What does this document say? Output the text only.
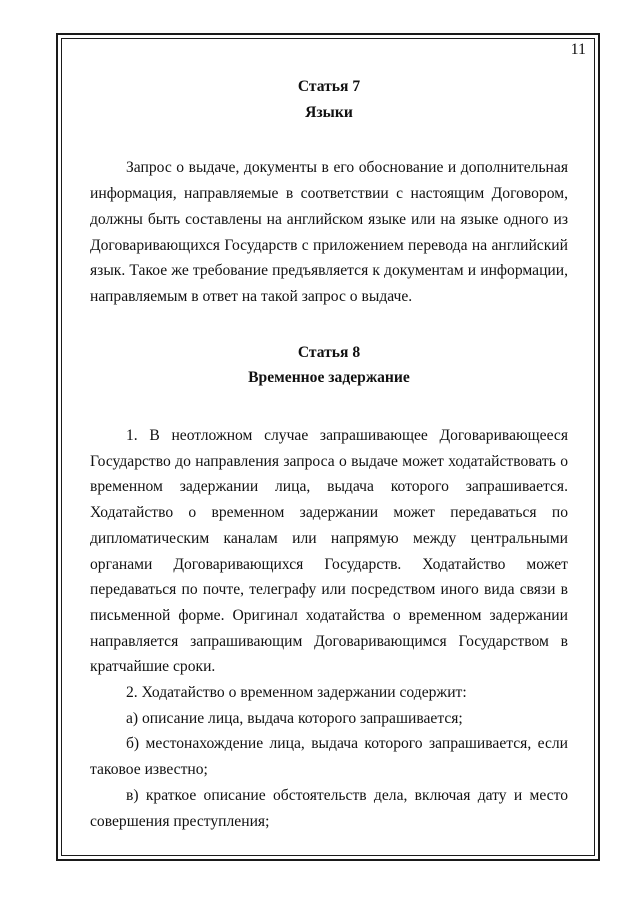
11

Статья 7

Языки

Запрос о выдаче, документы в его обоснование и дополнительная информация, направляемые в соответствии с настоящим Договором, должны быть составлены на английском языке или на языке одного из Договаривающихся Государств с приложением перевода на английский язык. Такое же требование предъявляется к документам и информации, направляемым в ответ на такой запрос о выдаче.

Статья 8

Временное задержание

1. В неотложном случае запрашивающее Договаривающееся Государство до направления запроса о выдаче может ходатайствовать о временном задержании лица, выдача которого запрашивается. Ходатайство о временном задержании может передаваться по дипломатическим каналам или напрямую между центральными органами Договаривающихся Государств. Ходатайство может передаваться по почте, телеграфу или посредством иного вида связи в письменной форме. Оригинал ходатайства о временном задержании направляется запрашивающим Договаривающимся Государством в кратчайшие сроки.

2. Ходатайство о временном задержании содержит:

а) описание лица, выдача которого запрашивается;

б) местонахождение лица, выдача которого запрашивается, если таковое известно;

в) краткое описание обстоятельств дела, включая дату и место совершения преступления;
